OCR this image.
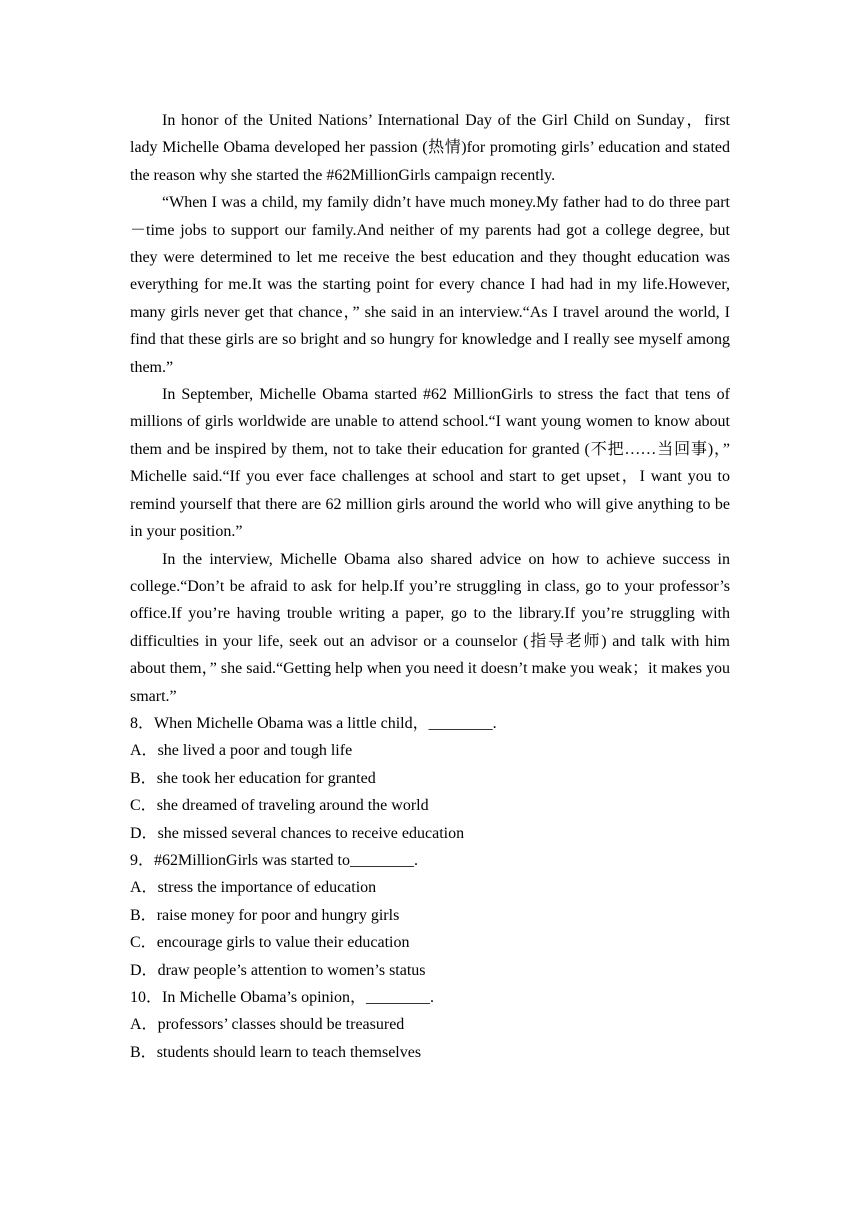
In honor of the United Nations’ International Day of the Girl Child on Sunday，first lady Michelle Obama developed her passion (热情)for promoting girls’ education and stated the reason why she started the #62MillionGirls campaign recently.

“When I was a child, my family didn’t have much money.My father had to do three part－time jobs to support our family.And neither of my parents had got a college degree, but they were determined to let me receive the best education and they thought education was everything for me.It was the starting point for every chance I had had in my life.However, many girls never get that chance，” she said in an interview.“As I travel around the world, I find that these girls are so bright and so hungry for knowledge and I really see myself among them.”

In September, Michelle Obama started #62 MillionGirls to stress the fact that tens of millions of girls worldwide are unable to attend school.“I want young women to know about them and be inspired by them, not to take their education for granted (不把……当回事)，” Michelle said.“If you ever face challenges at school and start to get upset，I want you to remind yourself that there are 62 million girls around the world who will give anything to be in your position.”

In the interview, Michelle Obama also shared advice on how to achieve success in college.“Don’t be afraid to ask for help.If you’re struggling in class, go to your professor’s office.If you’re having trouble writing a paper, go to the library.If you’re struggling with difficulties in your life, seek out an advisor or a counselor (指导老师) and talk with him about them，” she said.“Getting help when you need it doesn’t make you weak；it makes you smart.”

8．When Michelle Obama was a little child，________.

A．she lived a poor and tough life

B．she took her education for granted

C．she dreamed of traveling around the world

D．she missed several chances to receive education

9．#62MillionGirls was started to________.

A．stress the importance of education

B．raise money for poor and hungry girls

C．encourage girls to value their education

D．draw people’s attention to women’s status

10．In Michelle Obama’s opinion，________.

A．professors’ classes should be treasured

B．students should learn to teach themselves
